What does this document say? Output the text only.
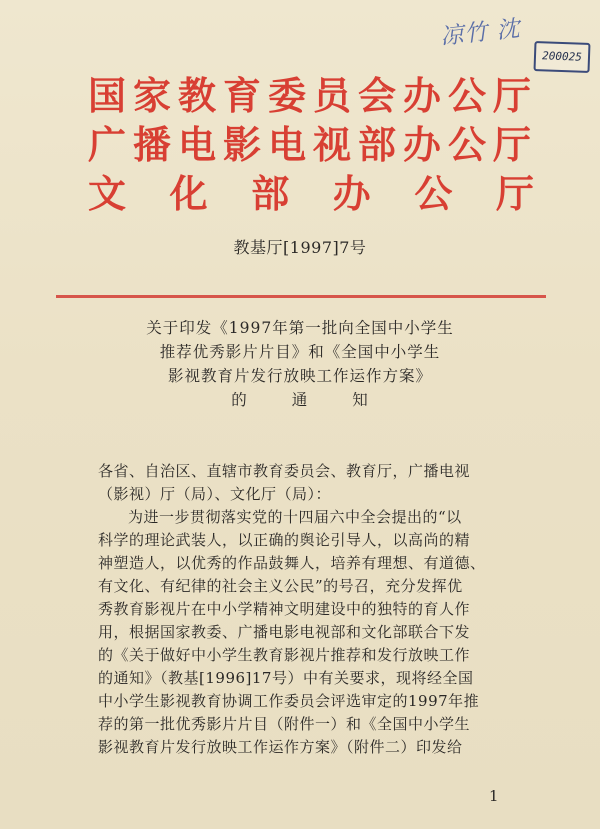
凉竹 沈
200025
国家教育委员会办公厅
广播电影电视部办公厅
文 化 部 办 公 厅
教基厅[1997]7号
关于印发《1997年第一批向全国中小学生
推荐优秀影片片目》和《全国中小学生
影视教育片发行放映工作运作方案》
的	通	知
各省、自治区、直辖市教育委员会、教育厅，广播电视
（影视）厅（局）、文化厅（局）：
为进一步贯彻落实党的十四届六中全会提出的“以
科学的理论武装人，以正确的舆论引导人，以高尚的精
神塑造人，以优秀的作品鼓舞人，培养有理想、有道德、
有文化、有纪律的社会主义公民”的号召，充分发挥优
秀教育影视片在中小学精神文明建设中的独特的育人作
用，根据国家教委、广播电影电视部和文化部联合下发
的《关于做好中小学生教育影视片推荐和发行放映工作
的通知》（教基[1996]17号）中有关要求，现将经全国
中小学生影视教育协调工作委员会评选审定的1997年推
荐的第一批优秀影片片目（附件一）和《全国中小学生
影视教育片发行放映工作运作方案》（附件二）印发给
1
